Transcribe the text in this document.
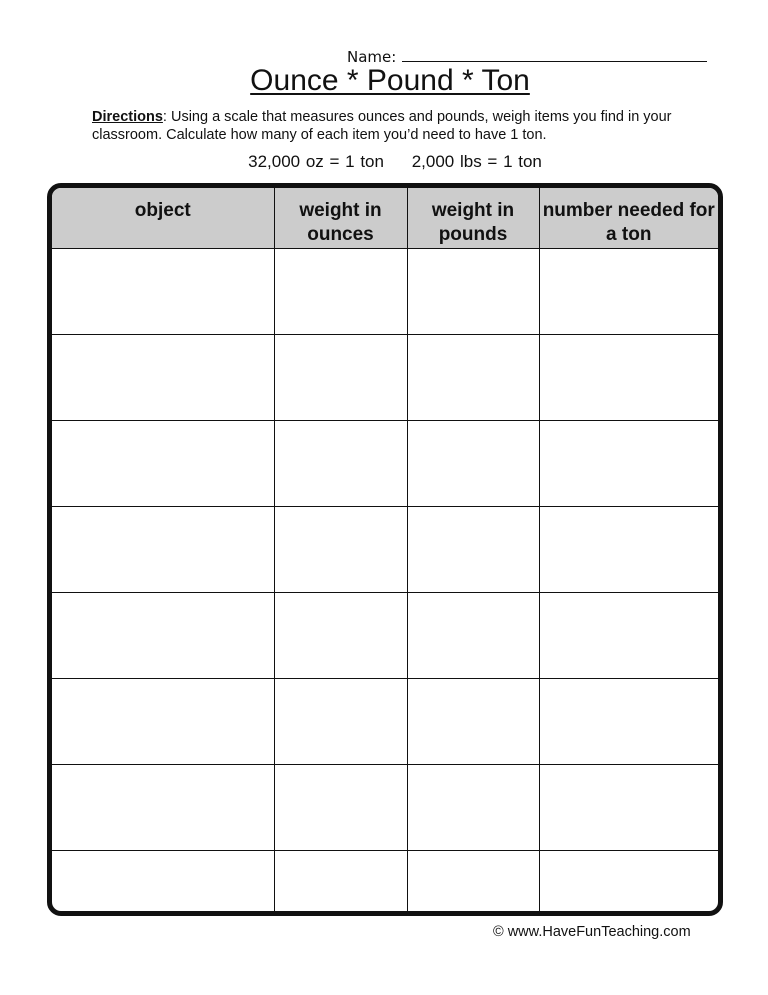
Name:
Ounce * Pound * Ton
Directions: Using a scale that measures ounces and pounds, weigh items you find in your classroom. Calculate how many of each item you’d need to have 1 ton.
32,000 oz = 1 ton 2,000 lbs = 1 ton
object	weight in ounces	weight in pounds	number needed for a ton

© www.HaveFunTeaching.com
